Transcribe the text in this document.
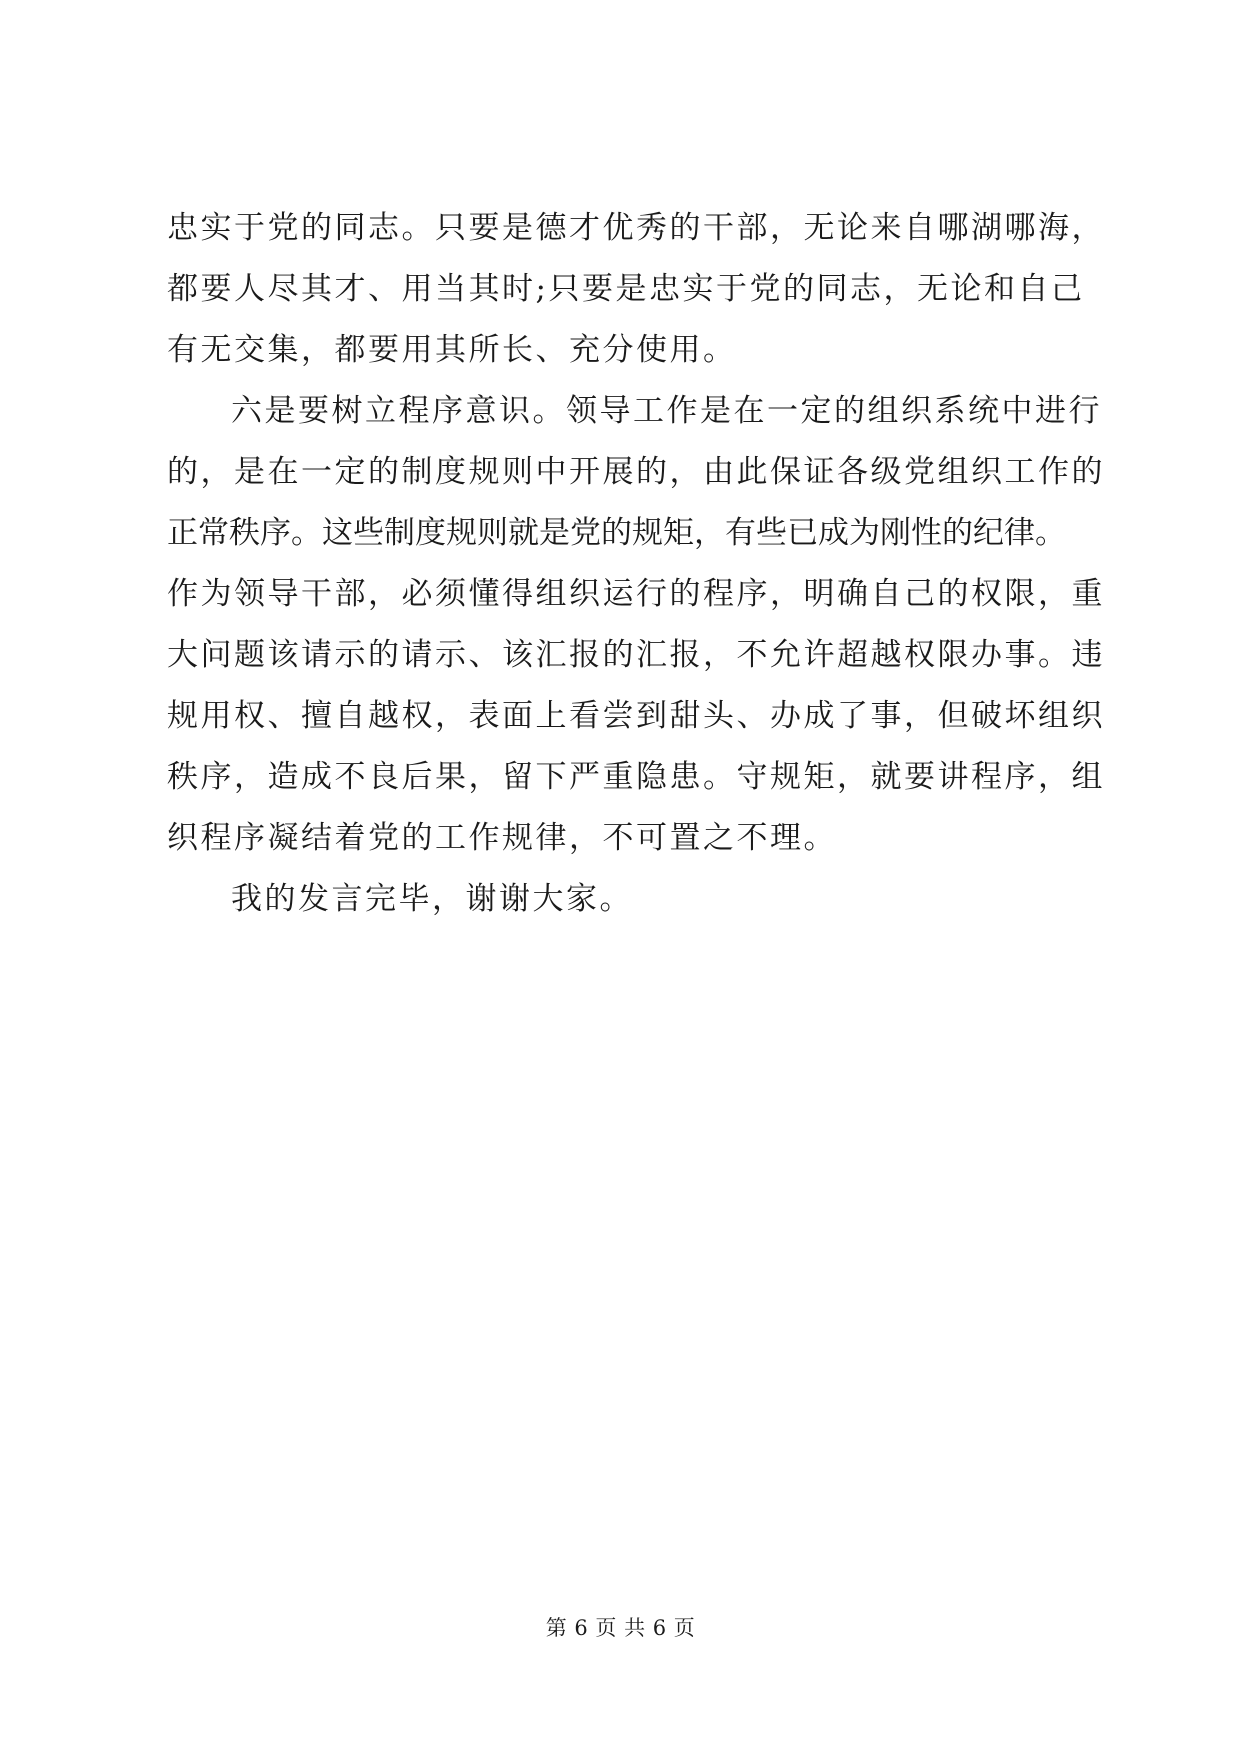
忠实于党的同志。只要是德才优秀的干部，无论来自哪湖哪海，
都要人尽其才、用当其时;只要是忠实于党的同志，无论和自己
有无交集，都要用其所长、充分使用。
六是要树立程序意识。领导工作是在一定的组织系统中进行
的，是在一定的制度规则中开展的，由此保证各级党组织工作的
正常秩序。这些制度规则就是党的规矩，有些已成为刚性的纪律。
作为领导干部，必须懂得组织运行的程序，明确自己的权限，重
大问题该请示的请示、该汇报的汇报，不允许超越权限办事。违
规用权、擅自越权，表面上看尝到甜头、办成了事，但破坏组织
秩序，造成不良后果，留下严重隐患。守规矩，就要讲程序，组
织程序凝结着党的工作规律，不可置之不理。
我的发言完毕，谢谢大家。
第 6 页 共 6 页
